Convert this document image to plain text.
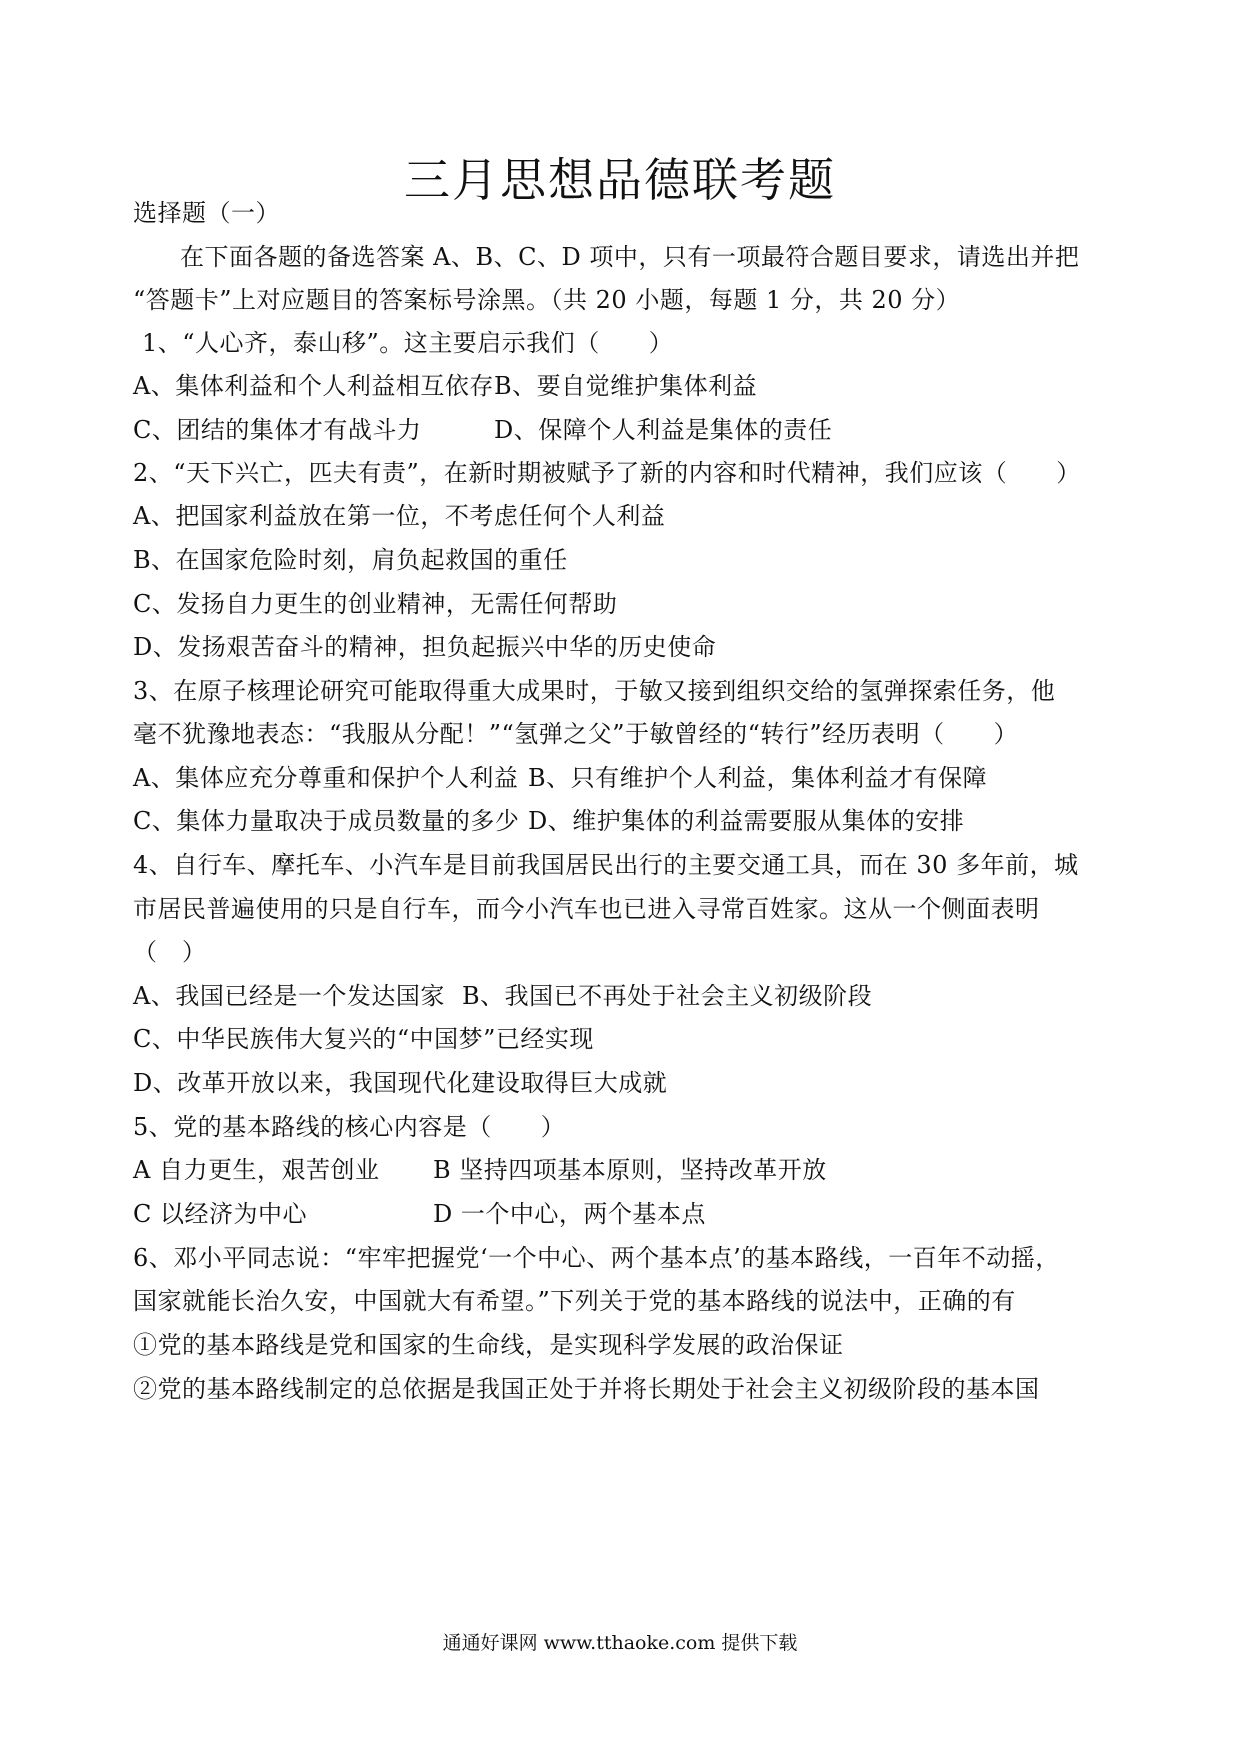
三月思想品德联考题
选择题（一）
在下面各题的备选答案 A、B、C、D 项中，只有一项最符合题目要求，请选出并把
“答题卡”上对应题目的答案标号涂黑。（共 20 小题，每题 1 分，共 20 分）
1、“人心齐，泰山移”。这主要启示我们（　　）
A、集体利益和个人利益相互依存 B、要自觉维护集体利益
C、团结的集体才有战斗力	D、保障个人利益是集体的责任
2、“天下兴亡，匹夫有责”，在新时期被赋予了新的内容和时代精神，我们应该（　　）
A、把国家利益放在第一位，不考虑任何个人利益
B、在国家危险时刻，肩负起救国的重任
C、发扬自力更生的创业精神，无需任何帮助
D、发扬艰苦奋斗的精神，担负起振兴中华的历史使命
3、在原子核理论研究可能取得重大成果时，于敏又接到组织交给的氢弹探索任务，他
毫不犹豫地表态：“我服从分配！”“氢弹之父”于敏曾经的“转行”经历表明（　　）
A、集体应充分尊重和保护个人利益 B、只有维护个人利益，集体利益才有保障
C、集体力量取决于成员数量的多少 D、维护集体的利益需要服从集体的安排
4、自行车、摩托车、小汽车是目前我国居民出行的主要交通工具，而在 30 多年前，城
市居民普遍使用的只是自行车，而今小汽车也已进入寻常百姓家。这从一个侧面表明
（　）
A、我国已经是一个发达国家 B、我国已不再处于社会主义初级阶段
C、中华民族伟大复兴的“中国梦”已经实现
D、改革开放以来，我国现代化建设取得巨大成就
5、党的基本路线的核心内容是（　　）
A 自力更生，艰苦创业 B 坚持四项基本原则，坚持改革开放
C 以经济为中心	D 一个中心，两个基本点
6、邓小平同志说：“牢牢把握党‘一个中心、两个基本点’的基本路线，一百年不动摇，
国家就能长治久安，中国就大有希望。”下列关于党的基本路线的说法中，正确的有
①党的基本路线是党和国家的生命线，是实现科学发展的政治保证
②党的基本路线制定的总依据是我国正处于并将长期处于社会主义初级阶段的基本国
通通好课网 www.tthaoke.com 提供下载
